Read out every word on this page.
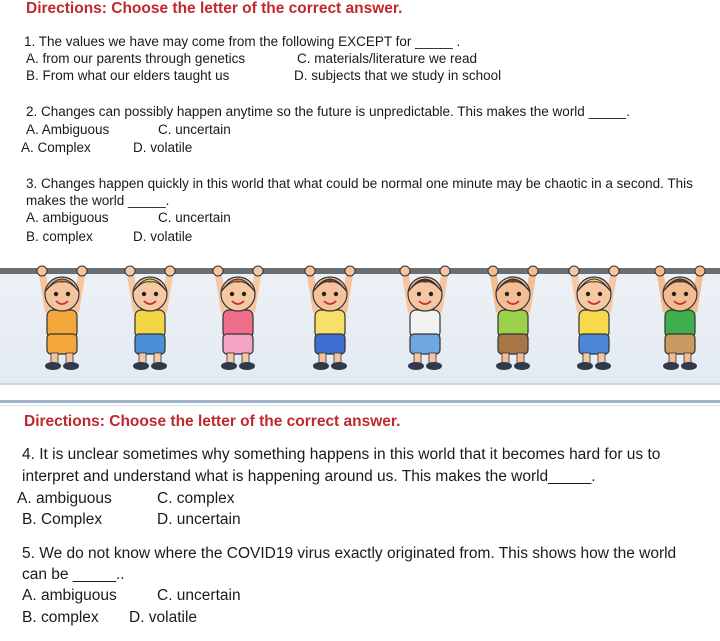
Directions: Choose the letter of the correct answer.
1. The values we have may come from the following EXCEPT for _____ .
A. from our parents through genetics	C. materials/literature we read
B. From what our elders taught us	D. subjects that we study in school
2. Changes can possibly happen anytime so the future is unpredictable. This makes the world _____.
A. Ambiguous	C. uncertain
A. Complex	D. volatile
3. Changes happen quickly in this world that what could be normal one minute may be chaotic in a second. This
makes the world _____.
A. ambiguous	C. uncertain
B. complex	D. volatile
Directions: Choose the letter of the correct answer.
4. It is unclear sometimes why something happens in this world that it becomes hard for us to
interpret and understand what is happening around us. This makes the world_____.
A. ambiguous	C. complex
B. Complex	D. uncertain
5. We do not know where the COVID19 virus exactly originated from. This shows how the world
can be _____..
A. ambiguous	C. uncertain
B. complex D. volatile
